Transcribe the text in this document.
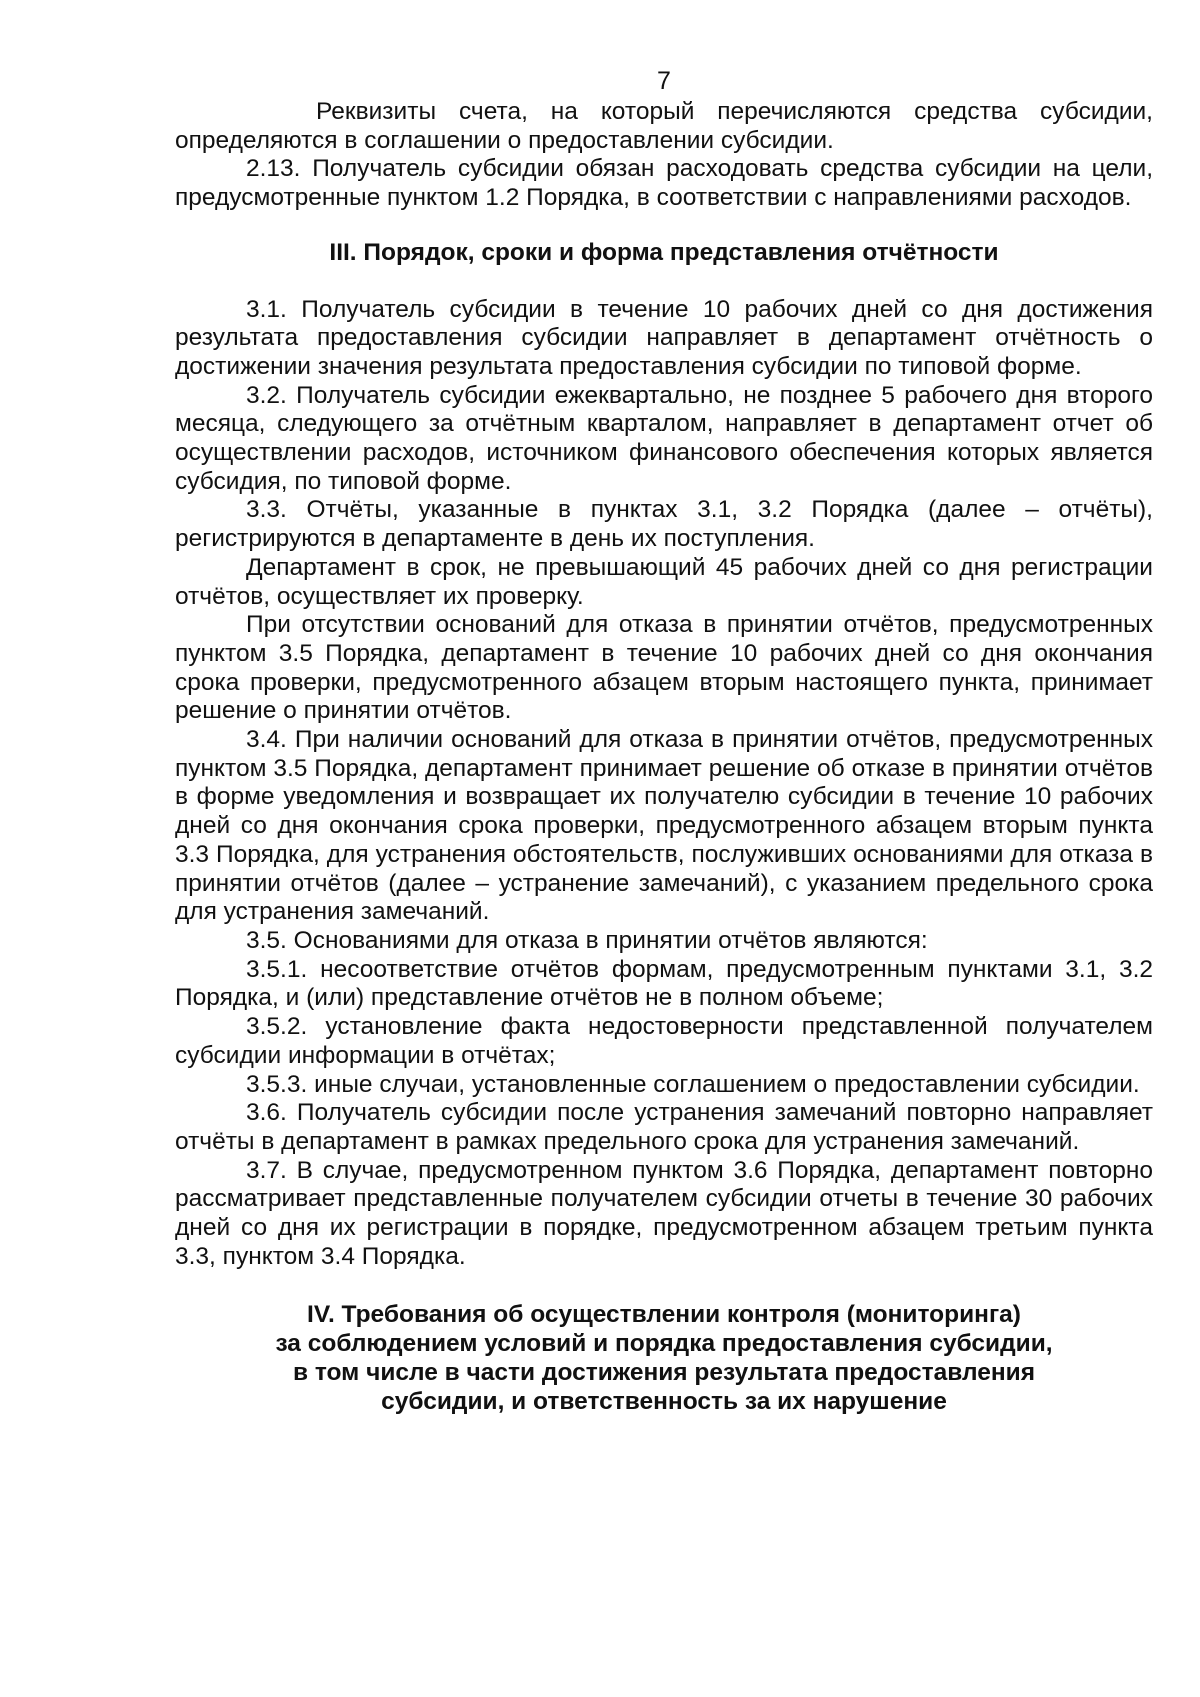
7

Реквизиты счета, на который перечисляются средства субсидии, определяются в соглашении о предоставлении субсидии.

2.13. Получатель субсидии обязан расходовать средства субсидии на цели, предусмотренные пунктом 1.2 Порядка, в соответствии с направлениями расходов.

III. Порядок, сроки и форма представления отчётности

3.1. Получатель субсидии в течение 10 рабочих дней со дня достижения результата предоставления субсидии направляет в департамент отчётность о достижении значения результата предоставления субсидии по типовой форме.

3.2. Получатель субсидии ежеквартально, не позднее 5 рабочего дня второго месяца, следующего за отчётным кварталом, направляет в департамент отчет об осуществлении расходов, источником финансового обеспечения которых является субсидия, по типовой форме.

3.3. Отчёты, указанные в пунктах 3.1, 3.2 Порядка (далее – отчёты), регистрируются в департаменте в день их поступления.

Департамент в срок, не превышающий 45 рабочих дней со дня регистрации отчётов, осуществляет их проверку.

При отсутствии оснований для отказа в принятии отчётов, предусмотренных пунктом 3.5 Порядка, департамент в течение 10 рабочих дней со дня окончания срока проверки, предусмотренного абзацем вторым настоящего пункта, принимает решение о принятии отчётов.

3.4. При наличии оснований для отказа в принятии отчётов, предусмотренных пунктом 3.5 Порядка, департамент принимает решение об отказе в принятии отчётов в форме уведомления и возвращает их получателю субсидии в течение 10 рабочих дней со дня окончания срока проверки, предусмотренного абзацем вторым пункта 3.3 Порядка, для устранения обстоятельств, послуживших основаниями для отказа в принятии отчётов (далее – устранение замечаний), с указанием предельного срока для устранения замечаний.

3.5. Основаниями для отказа в принятии отчётов являются:

3.5.1. несоответствие отчётов формам, предусмотренным пунктами 3.1, 3.2 Порядка, и (или) представление отчётов не в полном объеме;

3.5.2. установление факта недостоверности представленной получателем субсидии информации в отчётах;

3.5.3. иные случаи, установленные соглашением о предоставлении субсидии.

3.6. Получатель субсидии после устранения замечаний повторно направляет отчёты в департамент в рамках предельного срока для устранения замечаний.

3.7. В случае, предусмотренном пунктом 3.6 Порядка, департамент повторно рассматривает представленные получателем субсидии отчеты в течение 30 рабочих дней со дня их регистрации в порядке, предусмотренном абзацем третьим пункта 3.3, пунктом 3.4 Порядка.

IV. Требования об осуществлении контроля (мониторинга)
за соблюдением условий и порядка предоставления субсидии,
в том числе в части достижения результата предоставления
субсидии, и ответственность за их нарушение
